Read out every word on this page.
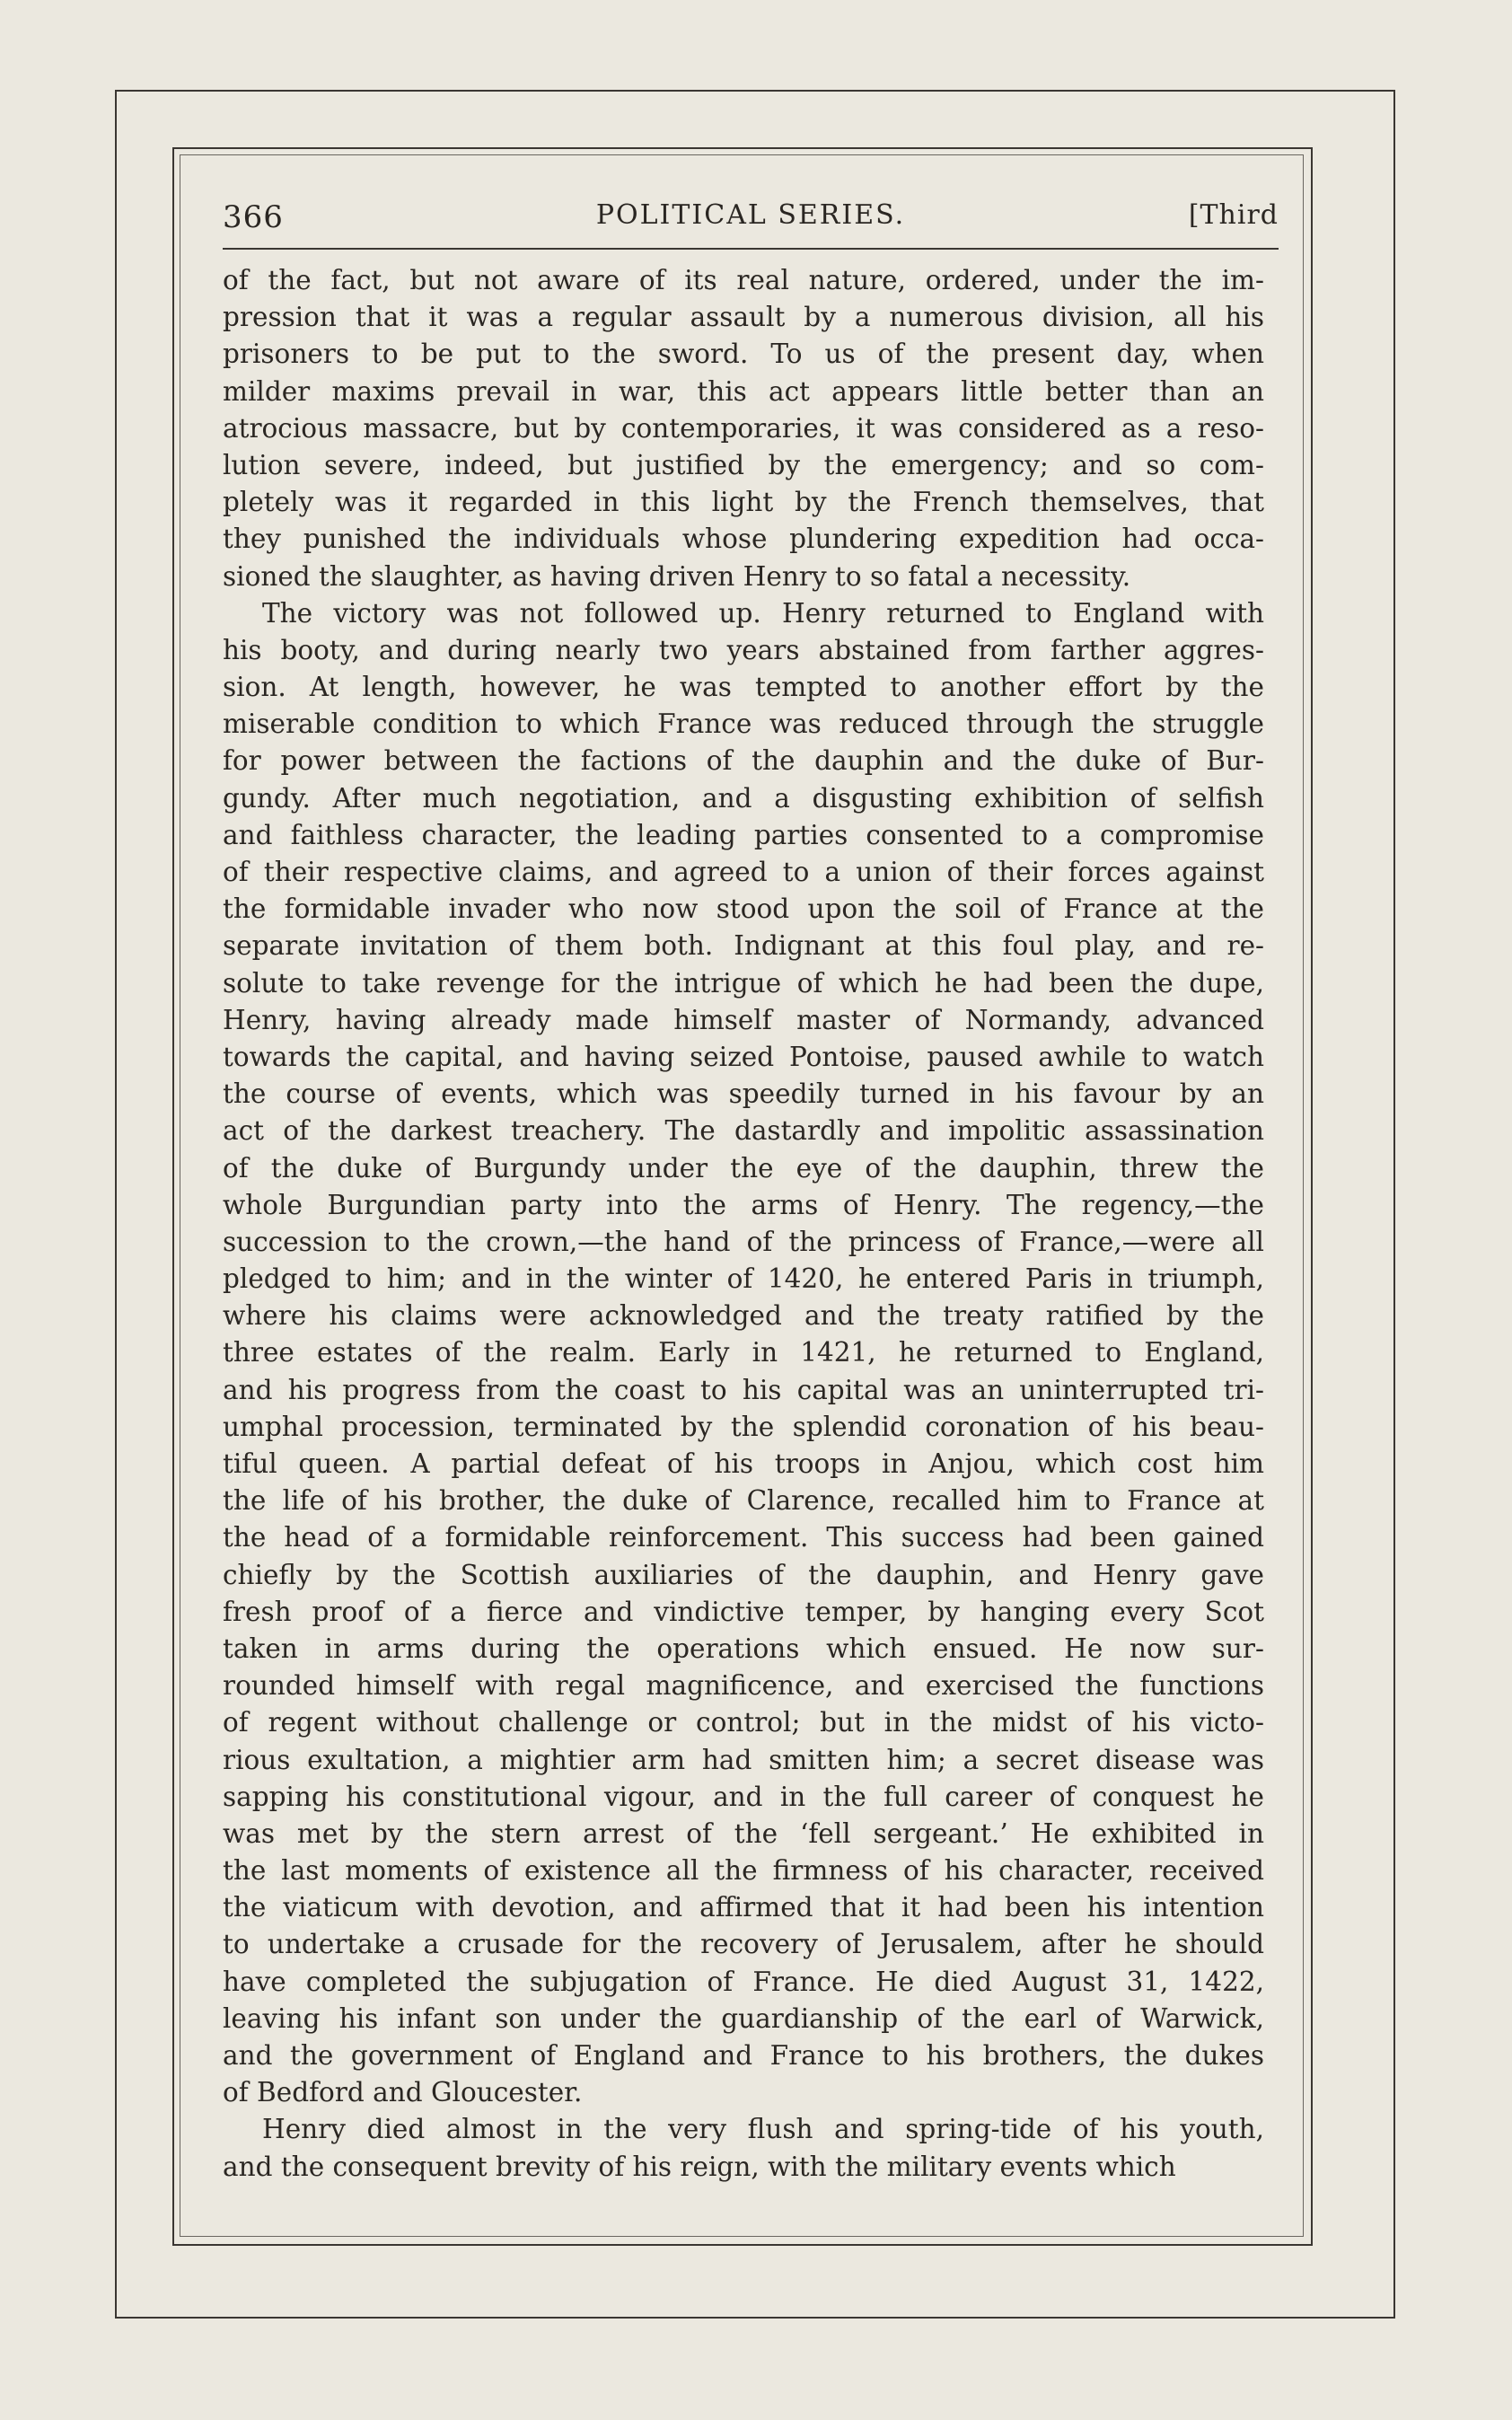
366	POLITICAL SERIES.	[Third
of the fact, but not aware of its real nature, ordered, under the im-
pression that it was a regular assault by a numerous division, all his
prisoners to be put to the sword. To us of the present day, when
milder maxims prevail in war, this act appears little better than an
atrocious massacre, but by contemporaries, it was considered as a reso-
lution severe, indeed, but justified by the emergency; and so com-
pletely was it regarded in this light by the French themselves, that
they punished the individuals whose plundering expedition had occa-
sioned the slaughter, as having driven Henry to so fatal a necessity.
The victory was not followed up. Henry returned to England with
his booty, and during nearly two years abstained from farther aggres-
sion. At length, however, he was tempted to another effort by the
miserable condition to which France was reduced through the struggle
for power between the factions of the dauphin and the duke of Bur-
gundy. After much negotiation, and a disgusting exhibition of selfish
and faithless character, the leading parties consented to a compromise
of their respective claims, and agreed to a union of their forces against
the formidable invader who now stood upon the soil of France at the
separate invitation of them both. Indignant at this foul play, and re-
solute to take revenge for the intrigue of which he had been the dupe,
Henry, having already made himself master of Normandy, advanced
towards the capital, and having seized Pontoise, paused awhile to watch
the course of events, which was speedily turned in his favour by an
act of the darkest treachery. The dastardly and impolitic assassination
of the duke of Burgundy under the eye of the dauphin, threw the
whole Burgundian party into the arms of Henry. The regency,—the
succession to the crown,—the hand of the princess of France,—were all
pledged to him; and in the winter of 1420, he entered Paris in triumph,
where his claims were acknowledged and the treaty ratified by the
three estates of the realm. Early in 1421, he returned to England,
and his progress from the coast to his capital was an uninterrupted tri-
umphal procession, terminated by the splendid coronation of his beau-
tiful queen. A partial defeat of his troops in Anjou, which cost him
the life of his brother, the duke of Clarence, recalled him to France at
the head of a formidable reinforcement. This success had been gained
chiefly by the Scottish auxiliaries of the dauphin, and Henry gave
fresh proof of a fierce and vindictive temper, by hanging every Scot
taken in arms during the operations which ensued. He now sur-
rounded himself with regal magnificence, and exercised the functions
of regent without challenge or control; but in the midst of his victo-
rious exultation, a mightier arm had smitten him; a secret disease was
sapping his constitutional vigour, and in the full career of conquest he
was met by the stern arrest of the ‘fell sergeant.’ He exhibited in
the last moments of existence all the firmness of his character, received
the viaticum with devotion, and affirmed that it had been his intention
to undertake a crusade for the recovery of Jerusalem, after he should
have completed the subjugation of France. He died August 31, 1422,
leaving his infant son under the guardianship of the earl of Warwick,
and the government of England and France to his brothers, the dukes
of Bedford and Gloucester.
Henry died almost in the very flush and spring-tide of his youth,
and the consequent brevity of his reign, with the military events which
